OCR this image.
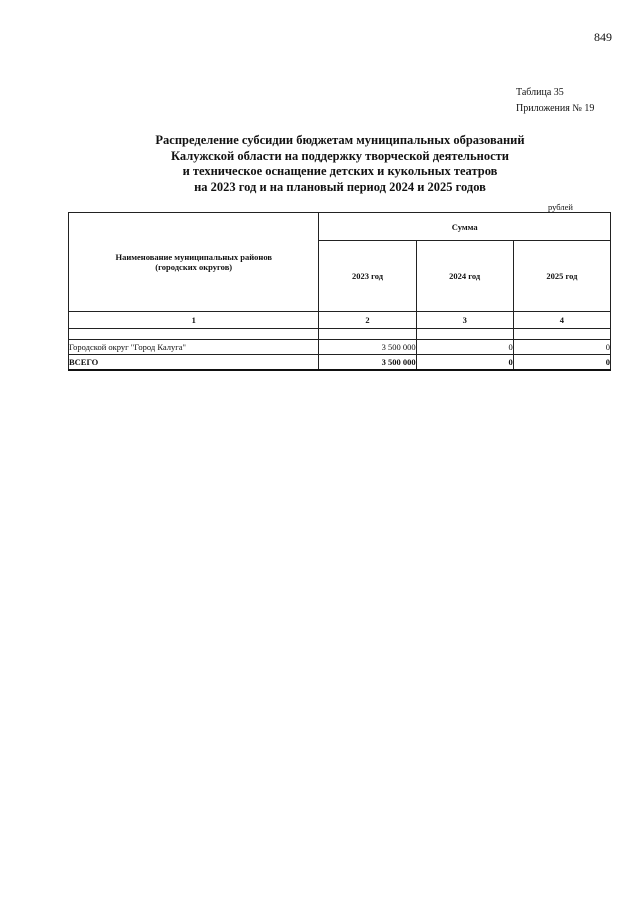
849
Таблица 35
Приложения № 19
Распределение субсидии бюджетам муниципальных образований
Калужской области на поддержку творческой деятельности
и техническое оснащение детских и кукольных театров
на 2023 год и на плановый период 2024 и 2025 годов
рублей
Наименование муниципальных районов
(городских округов)	Сумма		
	2023 год	2024 год	2025 год
1	2	3	4

Городской округ "Город Калуга"	3 500 000	0	0
ВСЕГО	3 500 000	0	0
